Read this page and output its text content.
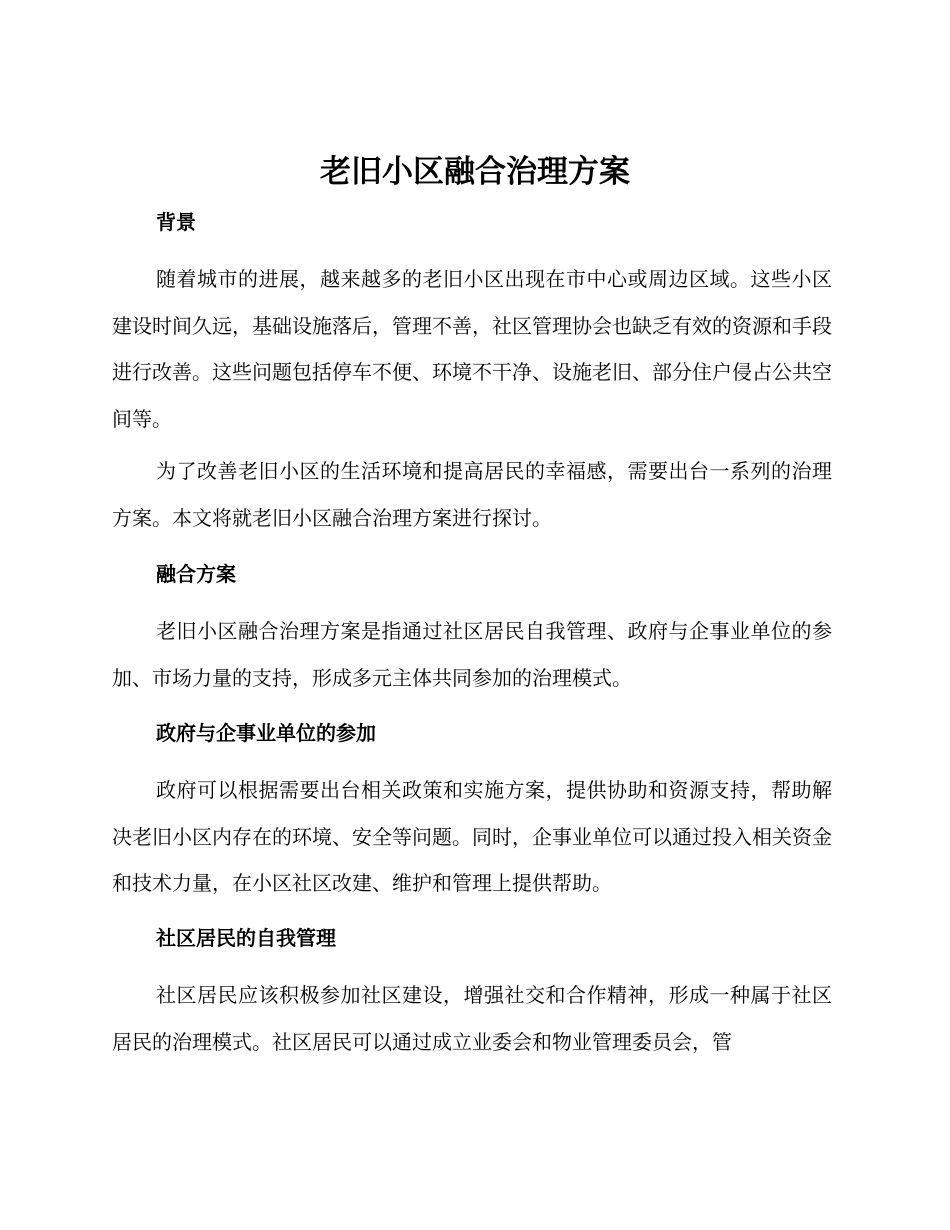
老旧小区融合治理方案
背景

随着城市的进展，越来越多的老旧小区出现在市中心或周边区域。这些小区建设时间久远，基础设施落后，管理不善，社区管理协会也缺乏有效的资源和手段进行改善。这些问题包括停车不便、环境不干净、设施老旧、部分住户侵占公共空间等。

为了改善老旧小区的生活环境和提高居民的幸福感，需要出台一系列的治理方案。本文将就老旧小区融合治理方案进行探讨。

融合方案

老旧小区融合治理方案是指通过社区居民自我管理、政府与企事业单位的参加、市场力量的支持，形成多元主体共同参加的治理模式。

政府与企事业单位的参加

政府可以根据需要出台相关政策和实施方案，提供协助和资源支持，帮助解决老旧小区内存在的环境、安全等问题。同时，企事业单位可以通过投入相关资金和技术力量，在小区社区改建、维护和管理上提供帮助。

社区居民的自我管理

社区居民应该积极参加社区建设，增强社交和合作精神，形成一种属于社区居民的治理模式。社区居民可以通过成立业委会和物业管理委员会，管
